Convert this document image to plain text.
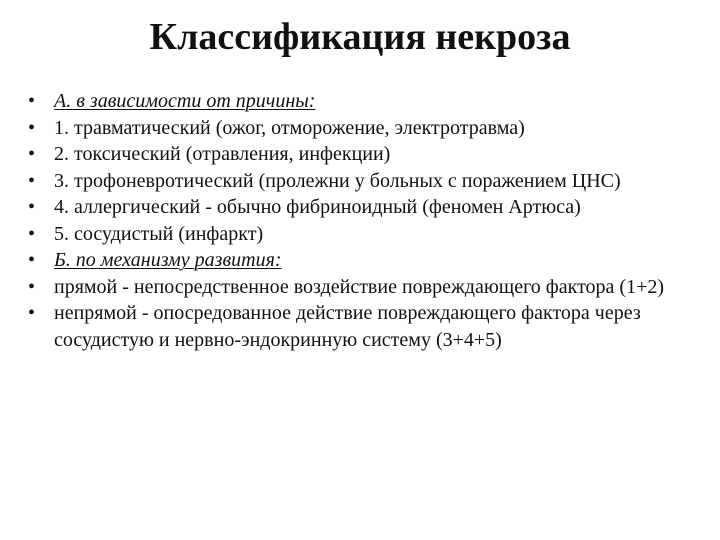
Классификация некроза
• А. в зависимости от причины:
• 1. травматический (ожог, отморожение, электротравма)
• 2. токсический (отравления, инфекции)
• 3. трофоневротический (пролежни у больных с поражением ЦНС)
• 4. аллергический - обычно фибриноидный (феномен Артюса)
• 5. сосудистый (инфаркт)
• Б. по механизму развития:
• прямой - непосредственное воздействие повреждающего фактора (1+2)
• непрямой - опосредованное действие повреждающего фактора через сосудистую и нервно-эндокринную систему (3+4+5)
